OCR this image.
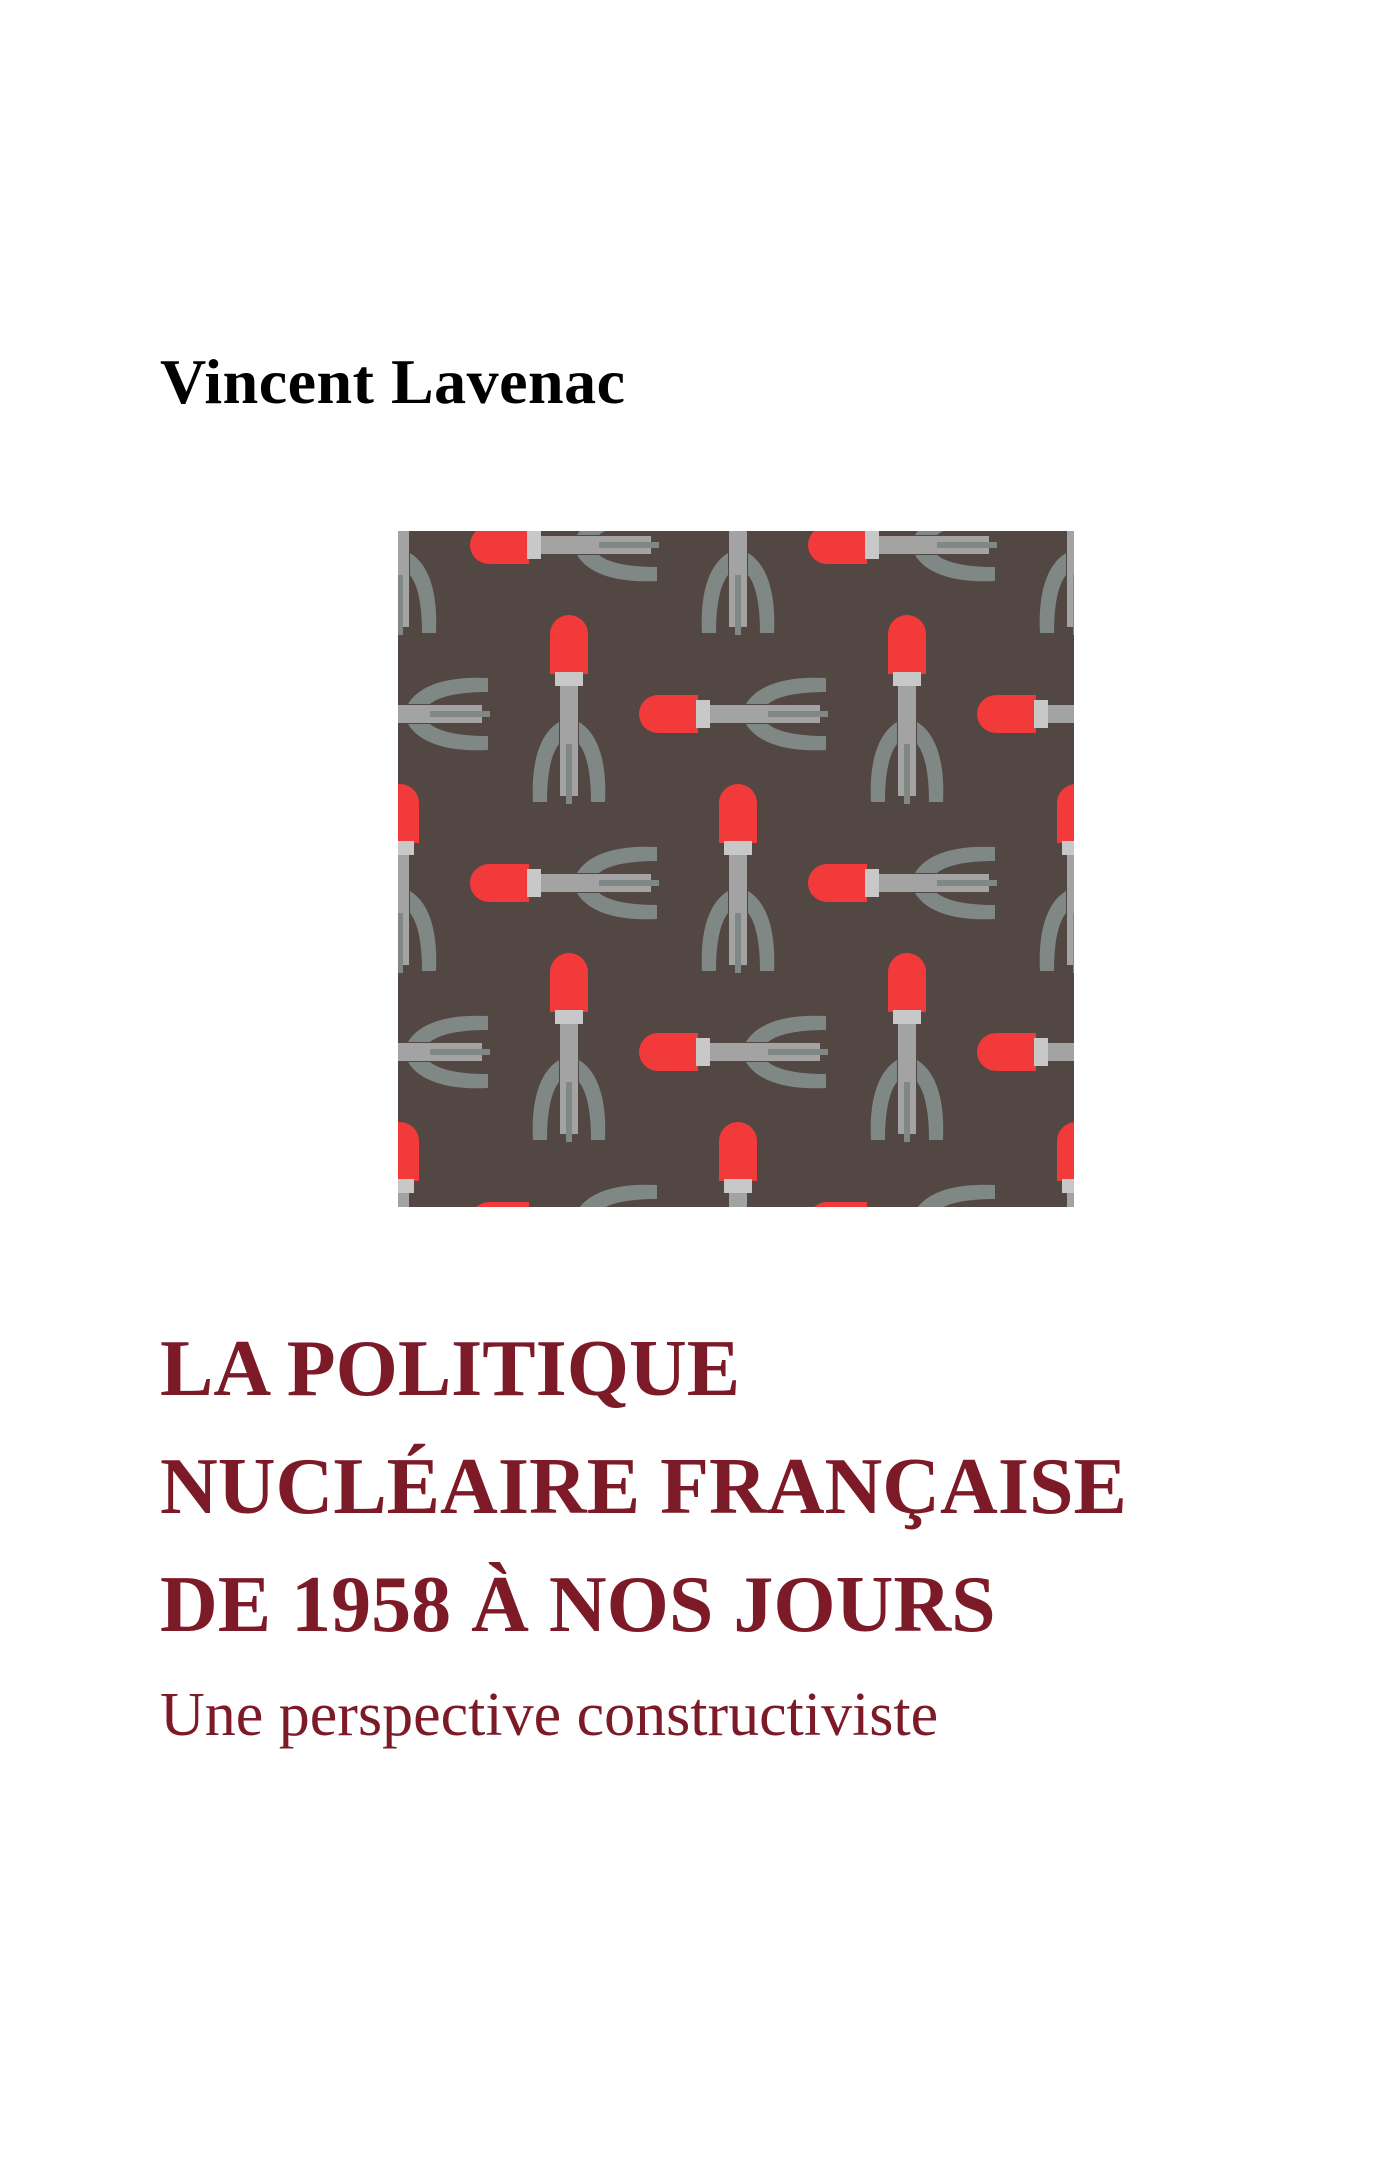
Vincent Lavenac
LA POLITIQUE
NUCLÉAIRE FRANÇAISE
DE 1958 À NOS JOURS
Une perspective constructiviste
